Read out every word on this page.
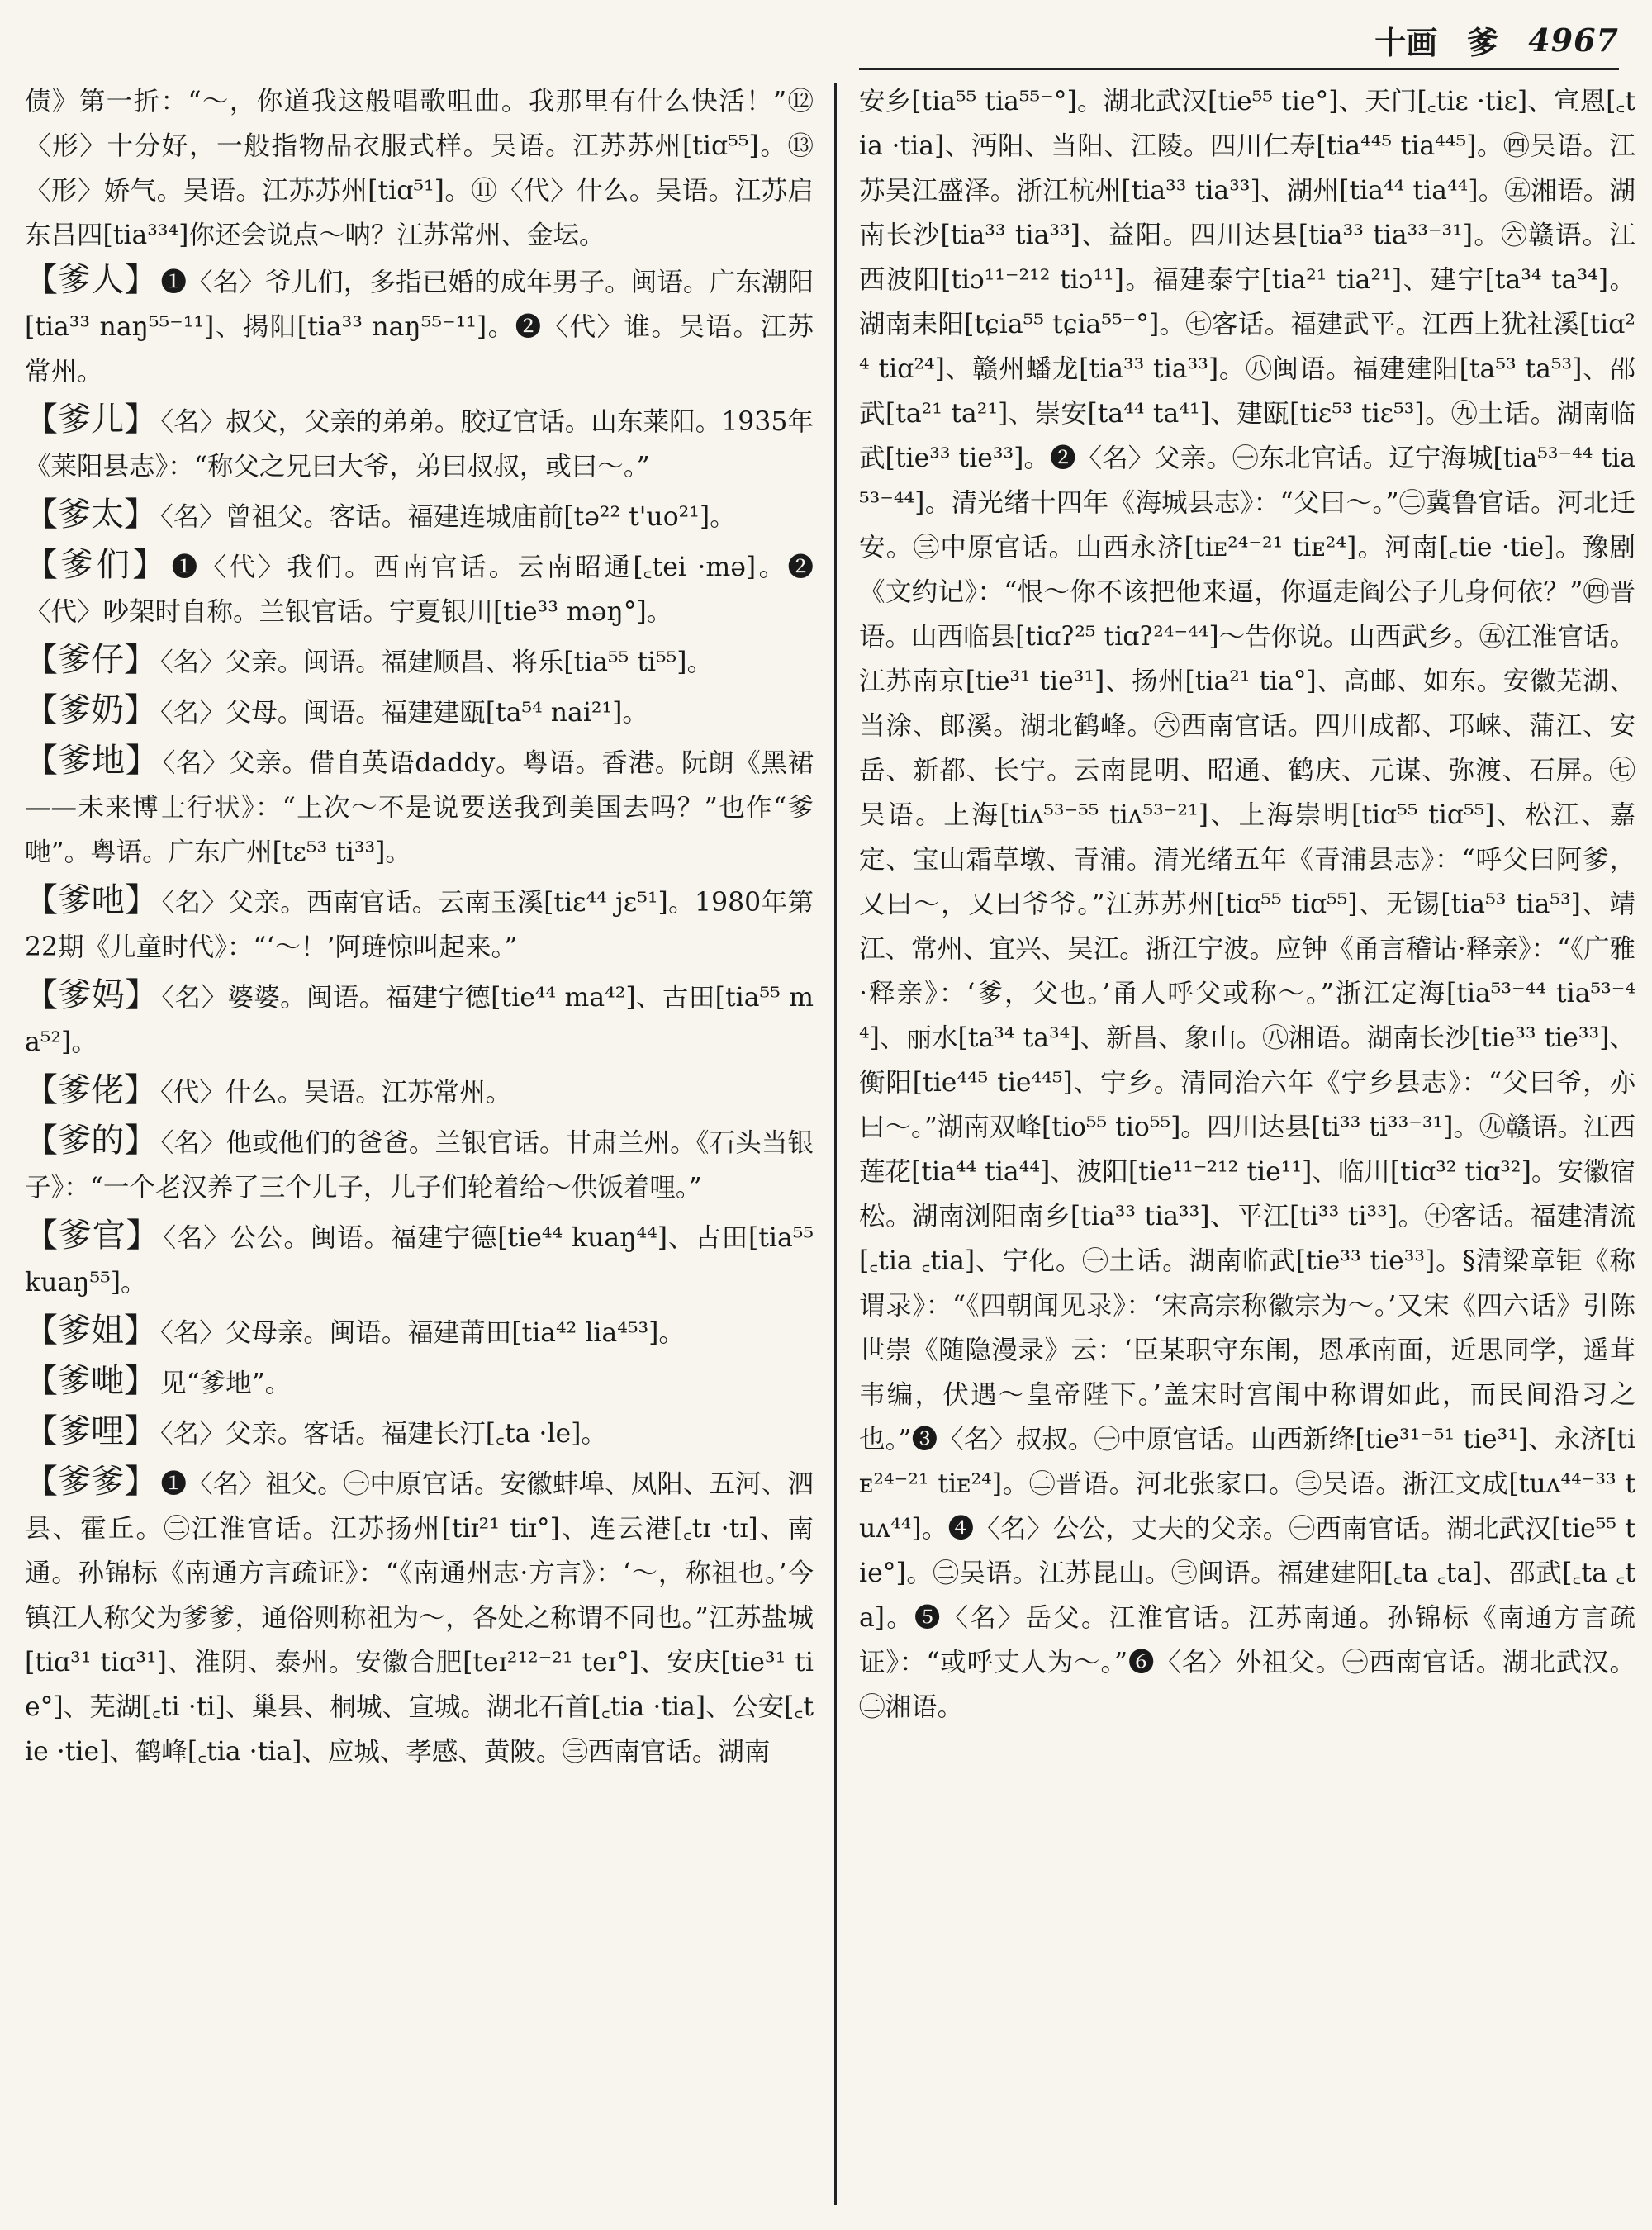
十画 爹 4967

债》第一折：“～，你道我这般唱歌咀曲。我那里有什么快活！”⑫〈形〉十分好，一般指物品衣服式样。吴语。江苏苏州[tiɑ⁵⁵]。⑬〈形〉娇气。吴语。江苏苏州[tiɑ⁵¹]。⑪〈代〉什么。吴语。江苏启东吕四[tia³³⁴]你还会说点～呐？江苏常州、金坛。

【爹人】 ❶〈名〉爷儿们，多指已婚的成年男子。闽语。广东潮阳[tia³³ naŋ⁵⁵⁻¹¹]、揭阳[tia³³ naŋ⁵⁵⁻¹¹]。❷〈代〉谁。吴语。江苏常州。
【爹儿】 〈名〉叔父，父亲的弟弟。胶辽官话。山东莱阳。1935年《莱阳县志》：“称父之兄曰大爷，弟曰叔叔，或曰～。”
【爹太】 〈名〉曾祖父。客话。福建连城庙前[tə²² t'uo²¹]。
【爹们】 ❶〈代〉我们。西南官话。云南昭通[꜀tei ·mə]。❷〈代〉吵架时自称。兰银官话。宁夏银川[tie³³ məŋ°]。
【爹仔】 〈名〉父亲。闽语。福建顺昌、将乐[tia⁵⁵ ti⁵⁵]。
【爹奶】 〈名〉父母。闽语。福建建瓯[ta⁵⁴ nai²¹]。
【爹地】 〈名〉父亲。借自英语daddy。粤语。香港。阮朗《黑裙——未来博士行状》：“上次～不是说要送我到美国去吗？”也作“爹哋”。粤语。广东广州[tɛ⁵³ ti³³]。
【爹吔】 〈名〉父亲。西南官话。云南玉溪[tiɛ⁴⁴ jɛ⁵¹]。1980年第22期《儿童时代》：“‘～！’阿琏惊叫起来。”
【爹妈】 〈名〉婆婆。闽语。福建宁德[tie⁴⁴ ma⁴²]、古田[tia⁵⁵ ma⁵²]。
【爹佬】 〈代〉什么。吴语。江苏常州。
【爹的】 〈名〉他或他们的爸爸。兰银官话。甘肃兰州。《石头当银子》：“一个老汉养了三个儿子，儿子们轮着给～供饭着哩。”
【爹官】 〈名〉公公。闽语。福建宁德[tie⁴⁴ kuaŋ⁴⁴]、古田[tia⁵⁵ kuaŋ⁵⁵]。
【爹姐】 〈名〉父母亲。闽语。福建莆田[tia⁴² lia⁴⁵³]。
【爹哋】 见“爹地”。
【爹哩】 〈名〉父亲。客话。福建长汀[꜀ta ·le]。
【爹爹】 ❶〈名〉祖父。㊀中原官话。安徽蚌埠、凤阳、五河、泗县、霍丘。㊁江淮官话。江苏扬州[tiɪ²¹ tiɪ°]、连云港[꜀tɪ ·tɪ]、南通。孙锦标《南通方言疏证》：“《南通州志·方言》：‘～，称祖也。’今镇江人称父为爹爹，通俗则称祖为～，各处之称谓不同也。”江苏盐城[tiɑ³¹ tiɑ³¹]、淮阴、泰州。安徽合肥[teɪ²¹²⁻²¹ teɪ°]、安庆[tie³¹ tie°]、芜湖[꜀ti ·ti]、巢县、桐城、宣城。湖北石首[꜀tia ·tia]、公安[꜀tie ·tie]、鹤峰[꜀tia ·tia]、应城、孝感、黄陂。㊂西南官话。湖南

安乡[tia⁵⁵ tia⁵⁵⁻°]。湖北武汉[tie⁵⁵ tie°]、天门[꜀tiɛ ·tiɛ]、宣恩[꜀tia ·tia]、沔阳、当阳、江陵。四川仁寿[tia⁴⁴⁵ tia⁴⁴⁵]。㊃吴语。江苏吴江盛泽。浙江杭州[tia³³ tia³³]、湖州[tia⁴⁴ tia⁴⁴]。㊄湘语。湖南长沙[tia³³ tia³³]、益阳。四川达县[tia³³ tia³³⁻³¹]。㊅赣语。江西波阳[tiɔ¹¹⁻²¹² tiɔ¹¹]。福建泰宁[tia²¹ tia²¹]、建宁[ta³⁴ ta³⁴]。湖南耒阳[tɕia⁵⁵ tɕia⁵⁵⁻°]。㊆客话。福建武平。江西上犹社溪[tiɑ²⁴ tiɑ²⁴]、赣州蟠龙[tia³³ tia³³]。㊇闽语。福建建阳[ta⁵³ ta⁵³]、邵武[ta²¹ ta²¹]、崇安[ta⁴⁴ ta⁴¹]、建瓯[tiɛ⁵³ tiɛ⁵³]。㊈土话。湖南临武[tie³³ tie³³]。❷〈名〉父亲。㊀东北官话。辽宁海城[tia⁵³⁻⁴⁴ tia⁵³⁻⁴⁴]。清光绪十四年《海城县志》：“父曰～。”㊁冀鲁官话。河北迁安。㊂中原官话。山西永济[tiᴇ²⁴⁻²¹ tiᴇ²⁴]。河南[꜀tie ·tie]。豫剧《文约记》：“恨～你不该把他来逼，你逼走阎公子儿身何依？”㊃晋语。山西临县[tiɑʔ²⁵ tiɑʔ²⁴⁻⁴⁴]～告你说。山西武乡。㊄江淮官话。江苏南京[tie³¹ tie³¹]、扬州[tia²¹ tia°]、高邮、如东。安徽芜湖、当涂、郎溪。湖北鹤峰。㊅西南官话。四川成都、邛崃、蒲江、安岳、新都、长宁。云南昆明、昭通、鹤庆、元谋、弥渡、石屏。㊆吴语。上海[tiʌ⁵³⁻⁵⁵ tiʌ⁵³⁻²¹]、上海崇明[tiɑ⁵⁵ tiɑ⁵⁵]、松江、嘉定、宝山霜草墩、青浦。清光绪五年《青浦县志》：“呼父曰阿爹，又曰～，又曰爷爷。”江苏苏州[tiɑ⁵⁵ tiɑ⁵⁵]、无锡[tia⁵³ tia⁵³]、靖江、常州、宜兴、吴江。浙江宁波。应钟《甬言稽诂·释亲》：“《广雅·释亲》：‘爹，父也。’甬人呼父或称～。”浙江定海[tia⁵³⁻⁴⁴ tia⁵³⁻⁴⁴]、丽水[ta³⁴ ta³⁴]、新昌、象山。㊇湘语。湖南长沙[tie³³ tie³³]、衡阳[tie⁴⁴⁵ tie⁴⁴⁵]、宁乡。清同治六年《宁乡县志》：“父曰爷，亦曰～。”湖南双峰[tio⁵⁵ tio⁵⁵]。四川达县[ti³³ ti³³⁻³¹]。㊈赣语。江西莲花[tia⁴⁴ tia⁴⁴]、波阳[tie¹¹⁻²¹² tie¹¹]、临川[tiɑ³² tiɑ³²]。安徽宿松。湖南浏阳南乡[tia³³ tia³³]、平江[ti³³ ti³³]。㊉客话。福建清流[꜀tia ꜀tia]、宁化。㊀土话。湖南临武[tie³³ tie³³]。§清梁章钜《称谓录》：“《四朝闻见录》：‘宋高宗称徽宗为～。’又宋《四六话》引陈世崇《随隐漫录》云：‘臣某职守东闱，恩承南面，近思同学，遥茸韦编，伏遇～皇帝陛下。’盖宋时宫闱中称谓如此，而民间沿习之也。”❸〈名〉叔叔。㊀中原官话。山西新绛[tie³¹⁻⁵¹ tie³¹]、永济[tiᴇ²⁴⁻²¹ tiᴇ²⁴]。㊁晋语。河北张家口。㊂吴语。浙江文成[tuʌ⁴⁴⁻³³ tuʌ⁴⁴]。❹〈名〉公公，丈夫的父亲。㊀西南官话。湖北武汉[tie⁵⁵ tie°]。㊁吴语。江苏昆山。㊂闽语。福建建阳[꜀ta ꜀ta]、邵武[꜀ta ꜀ta]。❺〈名〉岳父。江淮官话。江苏南通。孙锦标《南通方言疏证》：“或呼丈人为～。”❻〈名〉外祖父。㊀西南官话。湖北武汉。㊁湘语。
